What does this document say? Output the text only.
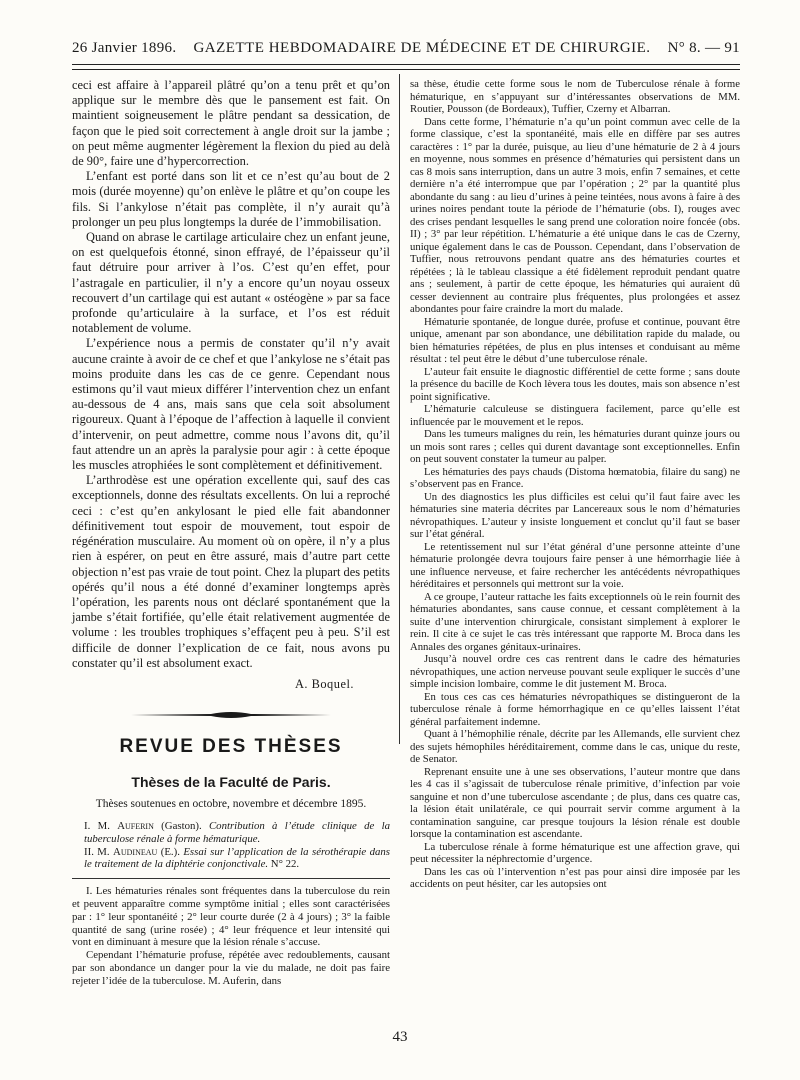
26 Janvier 1896. GAZETTE HEBDOMADAIRE DE MÉDECINE ET DE CHIRURGIE. N° 8. — 91

ceci est affaire à l’appareil plâtré qu’on a tenu prêt et qu’on applique sur le membre dès que le pansement est fait. On maintient soigneusement le plâtre pendant sa dessication, de façon que le pied soit correctement à angle droit sur la jambe ; on peut même augmenter légèrement la flexion du pied au delà de 90°, faire une d’hypercorrection.

L’enfant est porté dans son lit et ce n’est qu’au bout de 2 mois (durée moyenne) qu’on enlève le plâtre et qu’on coupe les fils. Si l’ankylose n’était pas complète, il n’y aurait qu’à prolonger un peu plus longtemps la durée de l’immobilisation.

Quand on abrase le cartilage articulaire chez un enfant jeune, on est quelquefois étonné, sinon effrayé, de l’épaisseur qu’il faut détruire pour arriver à l’os. C’est qu’en effet, pour l’astragale en particulier, il n’y a encore qu’un noyau osseux recouvert d’un cartilage qui est autant « ostéogène » par sa face profonde qu’articulaire à la surface, et l’os est réduit notablement de volume.

L’expérience nous a permis de constater qu’il n’y avait aucune crainte à avoir de ce chef et que l’ankylose ne s’était pas moins produite dans les cas de ce genre. Cependant nous estimons qu’il vaut mieux différer l’intervention chez un enfant au-dessous de 4 ans, mais sans que cela soit absolument rigoureux. Quant à l’époque de l’affection à laquelle il convient d’intervenir, on peut admettre, comme nous l’avons dit, qu’il faut attendre un an après la paralysie pour agir : à cette époque les muscles atrophiées le sont complètement et définitivement.

L’arthrodèse est une opération excellente qui, sauf des cas exceptionnels, donne des résultats excellents. On lui a reproché ceci : c’est qu’en ankylosant le pied elle fait abandonner définitivement tout espoir de mouvement, tout espoir de régénération musculaire. Au moment où on opère, il n’y a plus rien à espérer, on peut en être assuré, mais d’autre part cette objection n’est pas vraie de tout point. Chez la plupart des petits opérés qu’il nous a été donné d’examiner longtemps après l’opération, les parents nous ont déclaré spontanément que la jambe s’était fortifiée, qu’elle était relativement augmentée de volume : les troubles trophiques s’effaçent peu à peu. S’il est difficile de donner l’explication de ce fait, nous avons pu constater qu’il est absolument exact.

A. Boquel.
REVUE DES THÈSES
Thèses de la Faculté de Paris.
Thèses soutenues en octobre, novembre et décembre 1895.

I. M. Auferin (Gaston). Contribution à l’étude clinique de la tuberculose rénale à forme hématurique.

II. M. Audineau (E.). Essai sur l’application de la sérothérapie dans le traitement de la diphtérie conjonctivale. N° 22.

I. Les hématuries rénales sont fréquentes dans la tuberculose du rein et peuvent apparaître comme symptôme initial ; elles sont caractérisées par : 1° leur spontanéité ; 2° leur courte durée (2 à 4 jours) ; 3° la faible quantité de sang (urine rosée) ; 4° leur fréquence et leur intensité qui vont en diminuant à mesure que la lésion rénale s’accuse.

Cependant l’hématurie profuse, répétée avec redoublements, causant par son abondance un danger pour la vie du malade, ne doit pas faire rejeter l’idée de la tuberculose. M. Auferin, dans

sa thèse, étudie cette forme sous le nom de Tuberculose rénale à forme hématurique, en s’appuyant sur d’intéressantes observations de MM. Routier, Pousson (de Bordeaux), Tuffier, Czerny et Albarran.

Dans cette forme, l’hématurie n’a qu’un point commun avec celle de la forme classique, c’est la spontanéité, mais elle en diffère par ses autres caractères : 1° par la durée, puisque, au lieu d’une hématurie de 2 à 4 jours en moyenne, nous sommes en présence d’hématuries qui persistent dans un cas 8 mois sans interruption, dans un autre 3 mois, enfin 7 semaines, et cette dernière n’a été interrompue que par l’opération ; 2° par la quantité plus abondante du sang : au lieu d’urines à peine teintées, nous avons à faire à des urines noires pendant toute la période de l’hématurie (obs. I), rouges avec des crises pendant lesquelles le sang prend une coloration noire foncée (obs. II) ; 3° par leur répétition. L’hématurie a été unique dans le cas de Czerny, unique également dans le cas de Pousson. Cependant, dans l’observation de Tuffier, nous retrouvons pendant quatre ans des hématuries courtes et répétées ; là le tableau classique a été fidèlement reproduit pendant quatre ans ; seulement, à partir de cette époque, les hématuries qui auraient dû cesser deviennent au contraire plus fréquentes, plus prolongées et assez abondantes pour faire craindre la mort du malade.

Hématurie spontanée, de longue durée, profuse et continue, pouvant être unique, amenant par son abondance, une débilitation rapide du malade, ou bien hématuries répétées, de plus en plus intenses et conduisant au même résultat : tel peut être le début d’une tuberculose rénale.

L’auteur fait ensuite le diagnostic différentiel de cette forme ; sans doute la présence du bacille de Koch lèvera tous les doutes, mais son absence n’est point significative.

L’hématurie calculeuse se distinguera facilement, parce qu’elle est influencée par le mouvement et le repos.

Dans les tumeurs malignes du rein, les hématuries durant quinze jours ou un mois sont rares ; celles qui durent davantage sont exceptionnelles. Enfin on peut souvent constater la tumeur au palper.

Les hématuries des pays chauds (Distoma hœmatobia, filaire du sang) ne s’observent pas en France.

Un des diagnostics les plus difficiles est celui qu’il faut faire avec les hématuries sine materia décrites par Lancereaux sous le nom d’hématuries névropathiques. L’auteur y insiste longuement et conclut qu’il faut se baser sur l’état général.

Le retentissement nul sur l’état général d’une personne atteinte d’une hématurie prolongée devra toujours faire penser à une hémorrhagie liée à une influence nerveuse, et faire rechercher les antécédents névropathiques héréditaires et personnels qui mettront sur la voie.

A ce groupe, l’auteur rattache les faits exceptionnels où le rein fournit des hématuries abondantes, sans cause connue, et cessant complètement à la suite d’une intervention chirurgicale, consistant simplement à explorer le rein. Il cite à ce sujet le cas très intéressant que rapporte M. Broca dans les Annales des organes génitaux-urinaires.

Jusqu’à nouvel ordre ces cas rentrent dans le cadre des hématuries névropathiques, une action nerveuse pouvant seule expliquer le succès d’une simple incision lombaire, comme le dit justement M. Broca.

En tous ces cas ces hématuries névropathiques se distingueront de la tuberculose rénale à forme hémorrhagique en ce qu’elles laissent l’état général parfaitement indemne.

Quant à l’hémophilie rénale, décrite par les Allemands, elle survient chez des sujets hémophiles héréditairement, comme dans le cas, unique du reste, de Senator.

Reprenant ensuite une à une ses observations, l’auteur montre que dans les 4 cas il s’agissait de tuberculose rénale primitive, d’infection par voie sanguine et non d’une tuberculose ascendante ; de plus, dans ces quatre cas, la lésion était unilatérale, ce qui pourrait servir comme argument à la contamination sanguine, car presque toujours la lésion rénale est double lorsque la contamination est ascendante.

La tuberculose rénale à forme hématurique est une affection grave, qui peut nécessiter la néphrectomie d’urgence.

Dans les cas où l’intervention n’est pas pour ainsi dire imposée par les accidents on peut hésiter, car les autopsies ont

43
